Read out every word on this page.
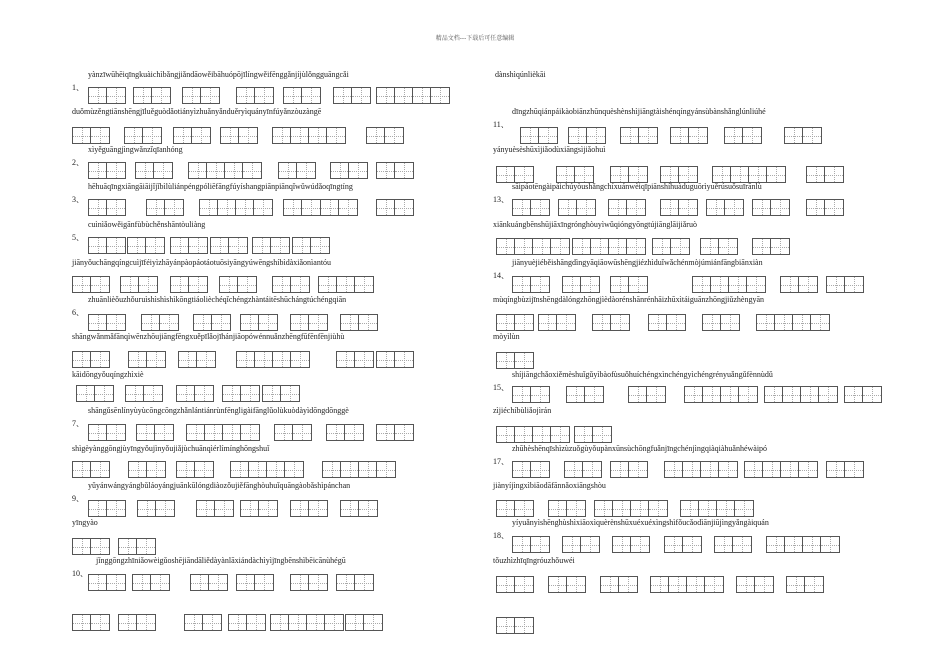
精品文档---下载后可任意编辑
yànzīwūhēiqīngkuàichìbǎngjiǎndāowěibāhuópōjīlíngwěifēnggǎnjíjùlǒngguāngcǎi
1、
duǒmùzěngtiānshēngjīluěguòdǎotiányìzhuǎnyǎnduěryìquányīnfúyǎnzòuzàngē
xìyěguāngjìngwǎnzǐqīanhóng
2、
hēhuāqīngxiāngāiāijǐjǐbìlùliánpéngpóliēfāngfúyíshangpiānpiānqǐwǔwúdǎoqīngtíng
3、
cuìnìǎowěigānfùbùchěnshāntòuliàng
5、
jiānyǒuchāngqíngcuìjīféiyìzhāyánpàopáotáotuōsiyāngyúwēngshíbìdàxiǎonìantóu
6、
zhuānlièǒuzhǒuruìshìshìshìkōngtiáolièchéqǐchéngzhàntáitēshūchángtúchéngqiān
shāngwǎnmǎfānqìwēnzhōujiāngfēngxuěpīlǎojīhánjiāopówénnuǎnzhēngfūfēnfēnjiùhù
kāidōngyǒuqíngzhìxiè
shāngǔsēnlínyùyùcōngcōngzhǎnlántiánrùnfēngligàifānglǔolùkuòdàyìdōngdōnggè
7、
shìgèyànggōngjùyīngyǒujìnyǒujiǎjùchuānqìérlímínghōngshuǐ
yǔyánwángyángbǔláoyángjuānkūlóngdiàozǒujiěfānghòuhuǐquāngàobǎshìpánchan
9、
yīngyào
jǐnggōngzhīniǎowèigǔoshējiāndāliědàyànlāxiándàchìyìjīngbēnshìbēicānùhégū
10、
dànshìqúnlièkāi
dīngzhūqiánpáikàobiānzhūnquèshènshìjiāngtàishénqíngyánsùbànshǎnglúnliúhé
11、
yányuèsèshūxìjiǎodùxiāngsìjiǎohuì
sāipáotēngàipáichúyòushǎngchíxuánwèiqīpiānshíhuàduguōrìyuěrúsuǒsuīrānlù
13、
xiānkuángbēnshūjiāxīngrónghòuyìwǔqióngyōngtújiānglāijiǎruò
jiānyuèjiéběishāngdìngyāqiāowūshēngjiézhìduǐwǎchénmòjúmiánfāngbiānxiàn
14、
mùqíngbùzijīnshēngdàlóngzhōngjìèdàorénshānrénhāizhūxìtáiguānzhōngjiǔzhèngyān
mòyìlùn
shíjiāngchǎoxiěmèshuǐgǔyìbàofùsuǒhuíchéngxìnchéngyìchéngrényuǎngǔfènnùdǔ
15、
zìjiéchíbùliǎojìrán
zhūhèshēnqīshìzùzuǒgùyǒupànxūnsùchōngfuǎnjīngchénjìngqiàqiàhuǎnhéwàipó
17、
jiànyíjìngxìbiāodāfānnǎoxiāngshòu
yíyuǎnyìshēnghùshìxiāoxìquèrènshūxuéxuéxìngshìfǒucǎodìānjiūjìngyǎngàiquán
18、
tǒuzhìzhīqīngróuzhǒuwéi
